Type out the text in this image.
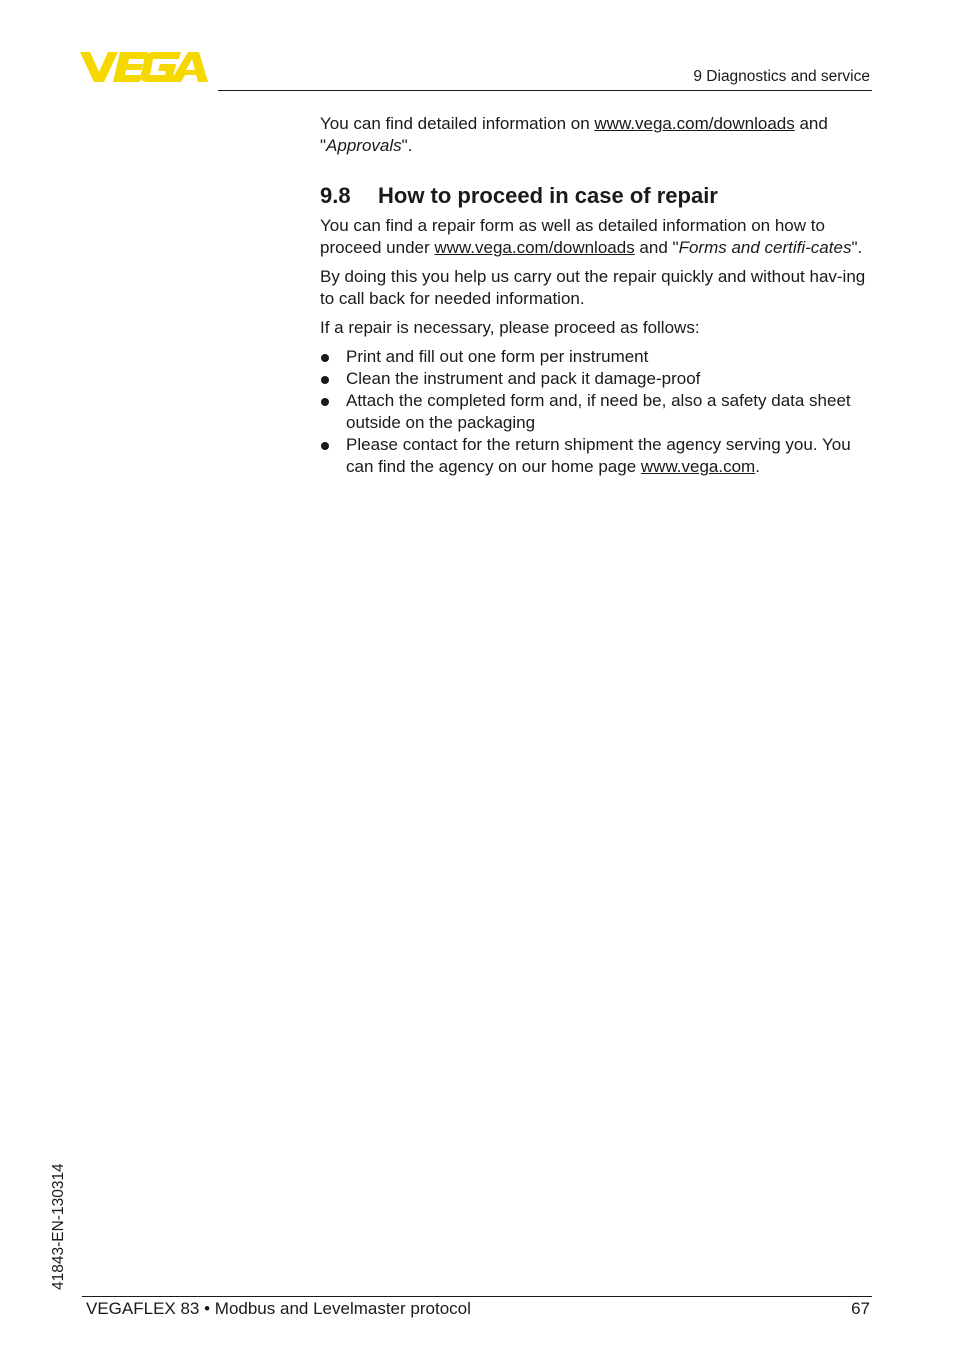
9 Diagnostics and service

You can find detailed information on www.vega.com/downloads and "Approvals".

9.8	How to proceed in case of repair

You can find a repair form as well as detailed information on how to proceed under www.vega.com/downloads and "Forms and certifi-cates".

By doing this you help us carry out the repair quickly and without hav-ing to call back for needed information.

If a repair is necessary, please proceed as follows:

Print and fill out one form per instrument
Clean the instrument and pack it damage-proof
Attach the completed form and, if need be, also a safety data sheet outside on the packaging
Please contact for the return shipment the agency serving you. You can find the agency on our home page www.vega.com.
41843-EN-130314
VEGAFLEX 83 • Modbus and Levelmaster protocol	67
